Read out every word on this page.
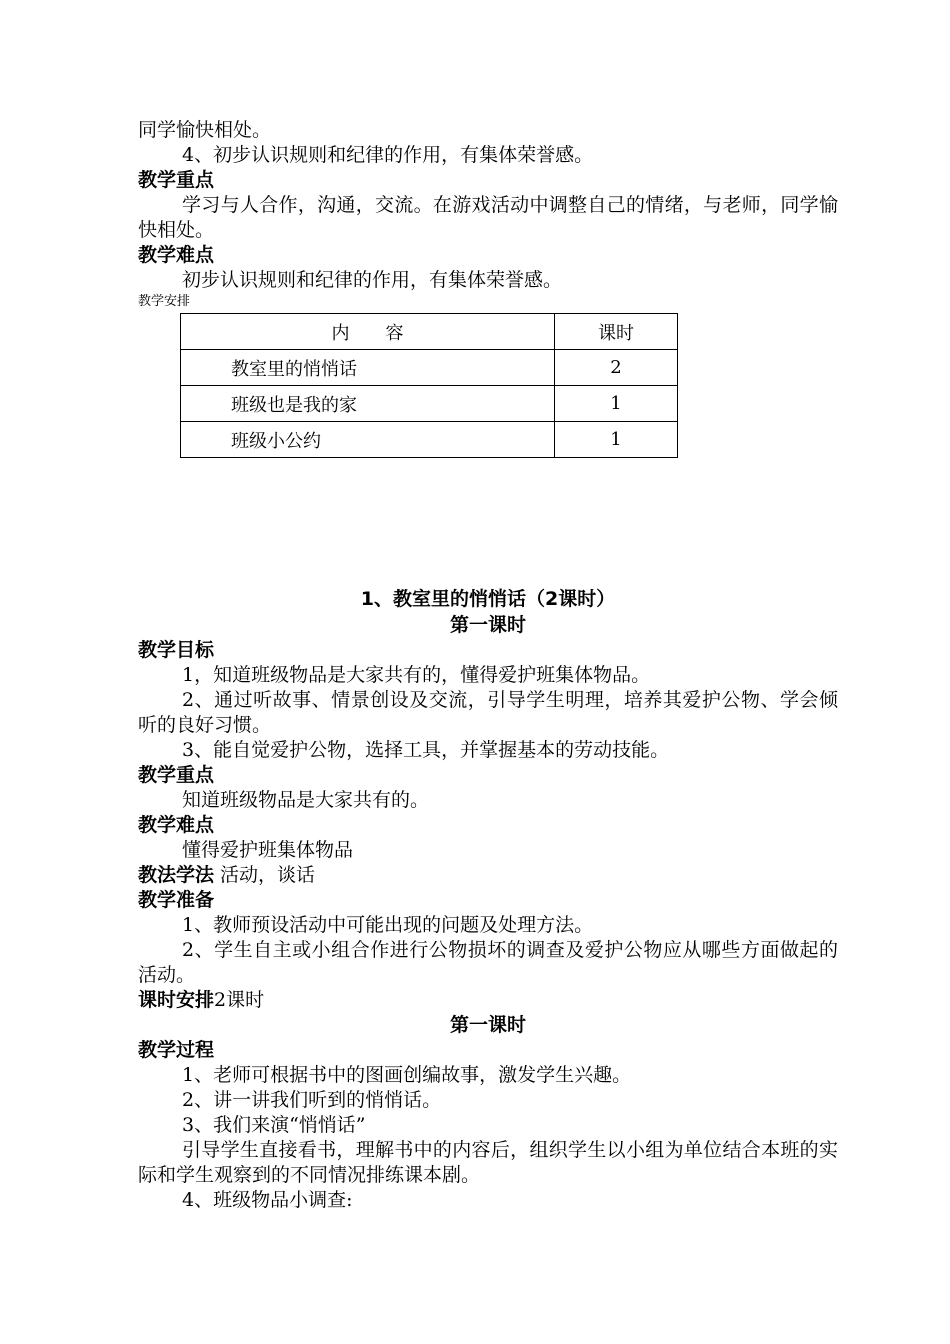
同学愉快相处。
4、初步认识规则和纪律的作用，有集体荣誉感。
教学重点
学习与人合作，沟通，交流。在游戏活动中调整自己的情绪，与老师，同学愉快相处。
教学难点
初步认识规则和纪律的作用，有集体荣誉感。
教学安排
内　　容	课时
教室里的悄悄话	2
班级也是我的家	1
班级小公约	1
1、教室里的悄悄话（2课时）
第一课时
教学目标
1，知道班级物品是大家共有的，懂得爱护班集体物品。
2、通过听故事、情景创设及交流，引导学生明理，培养其爱护公物、学会倾听的良好习惯。
3、能自觉爱护公物，选择工具，并掌握基本的劳动技能。
教学重点
知道班级物品是大家共有的。
教学难点
懂得爱护班集体物品
教法学法 活动，谈话
教学准备
1、教师预设活动中可能出现的问题及处理方法。
2、学生自主或小组合作进行公物损坏的调查及爱护公物应从哪些方面做起的活动。
课时安排2课时
第一课时
教学过程
1、老师可根据书中的图画创编故事，激发学生兴趣。
2、讲一讲我们听到的悄悄话。
3、我们来演“悄悄话”
引导学生直接看书，理解书中的内容后，组织学生以小组为单位结合本班的实际和学生观察到的不同情况排练课本剧。
4、班级物品小调查:
